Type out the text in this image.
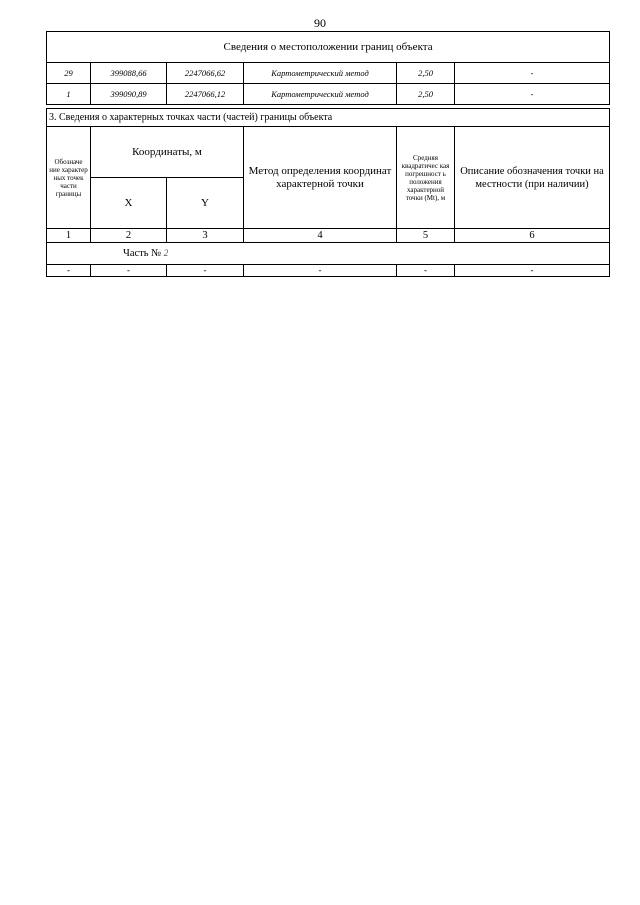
90
Сведения о местоположении границ объекта					
29	399088,66	2247066,62	Картометрический метод	2,50	-
1	399090,89	2247066,12	Картометрический метод	2,50	-
3. Сведения о характерных точках части (частей) границы объекта					
Обозначе ние характер ных точек части границы	Координаты, м		Метод определения координат характерной точки	Средняя квадратичес кая погрешност ь положения характерной точки (Mt), м	Описание обозначения точки на местности (при наличии)
	X	Y			
1	2	3	4	5	6
Часть № 2					
-	-	-	-	-	-
